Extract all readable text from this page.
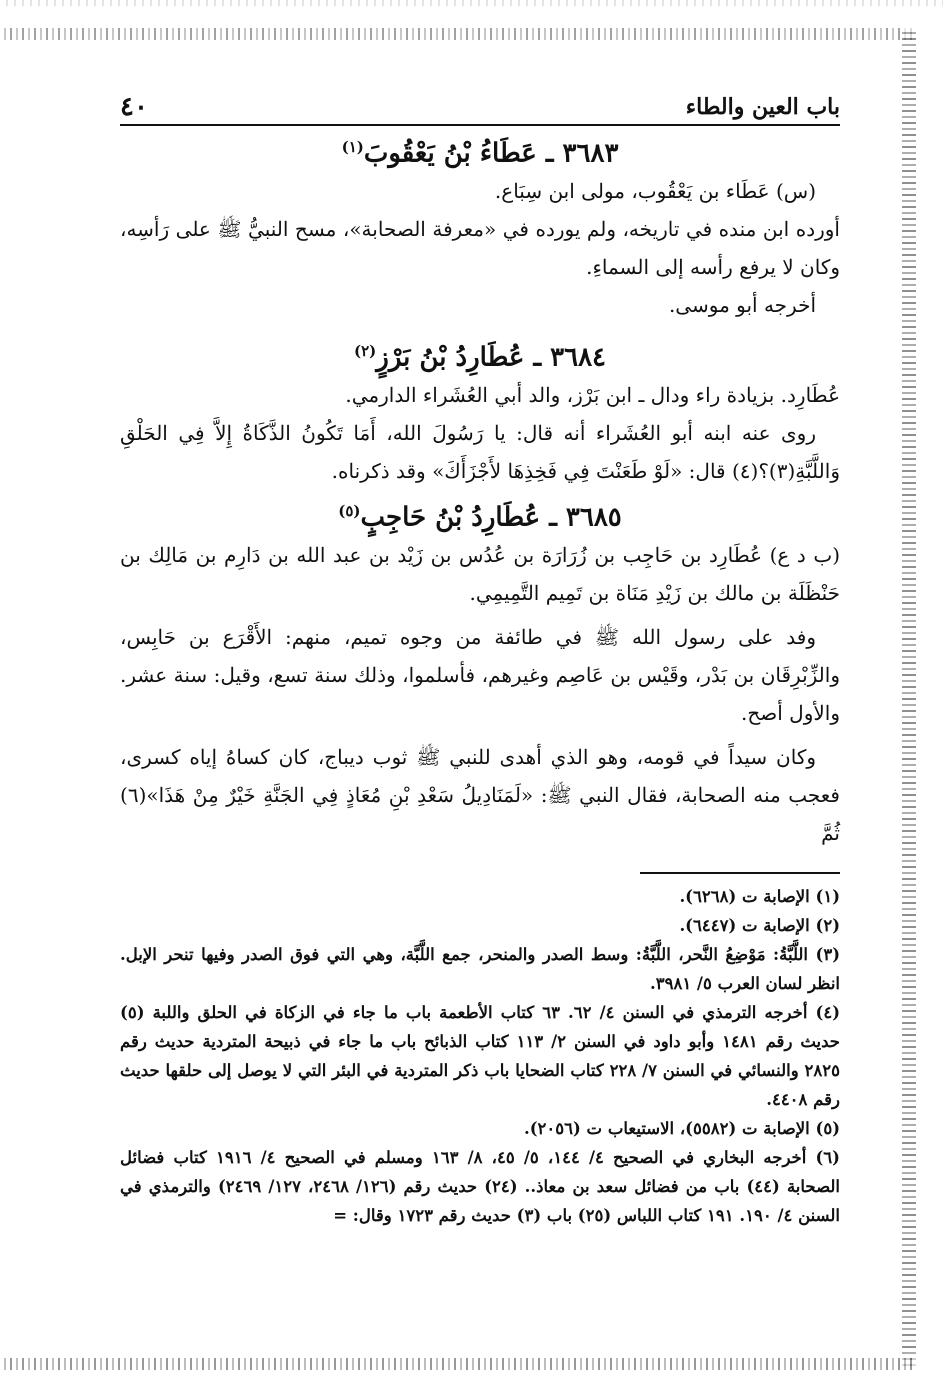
باب العين والطاء
٤٠
٣٦٨٣ ـ عَطَاءُ بْنُ يَعْقُوبَ$^{(١)}$

(س) عَطَاء بن يَعْقُوب، مولى ابن سِبَاع.

أورده ابن منده في تاريخه، ولم يورده في «معرفة الصحابة»، مسح النبيُّ ﷺ على رَأسِه، وكان لا يرفع رأسه إلى السماءِ.

أخرجه أبو موسى.

٣٦٨٤ ـ عُطَارِدُ بْنُ بَرْزٍ$^{(٢)}$

عُطَارِد. بزيادة راء ودال ـ ابن بَرْز، والد أبي العُشَراء الدارمي.

روى عنه ابنه أبو العُشَراء أنه قال: يا رَسُولَ الله، أَمَا تَكُونُ الذَّكَاةُ إِلاَّ فِي الحَلْقِ وَاللَّبَّةِ(٣)؟(٤) قال: «لَوْ طَعَنْتَ فِي فَخِذِهَا لأَجْزَأَكَ» وقد ذكرناه.

٣٦٨٥ ـ عُطَارِدُ بْنُ حَاجِبٍ$^{(٥)}$

(ب د ع) عُطَارِد بن حَاجِب بن زُرَارَة بن عُدُس بن زَيْد بن عبد الله بن دَارِم بن مَالِك بن حَنْظَلَة بن مالك بن زَيْدِ مَنَاة بن تَمِيم التَّمِيمِي.

وفد على رسول الله ﷺ في طائفة من وجوه تميم، منهم: الأَقْرَع بن حَابِس، والزِّبْرِقَان بن بَدْر، وقَيْس بن عَاصِم وغيرهم، فأسلموا، وذلك سنة تسع، وقيل: سنة عشر. والأول أصح.

وكان سيداً في قومه، وهو الذي أهدى للنبي ﷺ ثوب ديباج، كان كساهُ إياه كسرى، فعجب منه الصحابة، فقال النبي ﷺ: «لَمَنَادِيلُ سَعْدِ بْنِ مُعَاذٍ فِي الجَنَّةِ خَيْرٌ مِنْ هَذَا»(٦) ثُمَّ

(١) الإصابة ت (٦٢٦٨).
(٢) الإصابة ت (٦٤٤٧).
(٣) اللَّبَّةُ: مَوْضِعُ النَّحر، اللَّبَّةُ: وسط الصدر والمنحر، جمع اللَّبَّة، وهي التي فوق الصدر وفيها تنحر الإبل. انظر لسان العرب ٥/ ٣٩٨١.
(٤) أخرجه الترمذي في السنن ٤/ ٦٢. ٦٣ كتاب الأطعمة باب ما جاء في الزكاة في الحلق واللبة (٥) حديث رقم ١٤٨١ وأبو داود في السنن ٢/ ١١٣ كتاب الذبائح باب ما جاء في ذبيحة المتردية حديث رقم ٢٨٢٥ والنسائي في السنن ٧/ ٢٢٨ كتاب الضحايا باب ذكر المتردية في البئر التي لا يوصل إلى حلقها حديث رقم ٤٤٠٨.
(٥) الإصابة ت (٥٥٨٢)، الاستيعاب ت (٢٠٥٦).
(٦) أخرجه البخاري في الصحيح ٤/ ١٤٤، ٥/ ٤٥، ٨/ ١٦٣ ومسلم في الصحيح ٤/ ١٩١٦ كتاب فضائل الصحابة (٤٤) باب من فضائل سعد بن معاذ.. (٢٤) حديث رقم (١٢٦/ ٢٤٦٨، ١٢٧/ ٢٤٦٩) والترمذي في السنن ٤/ ١٩٠. ١٩١ كتاب اللباس (٢٥) باب (٣) حديث رقم ١٧٢٣ وقال: =
